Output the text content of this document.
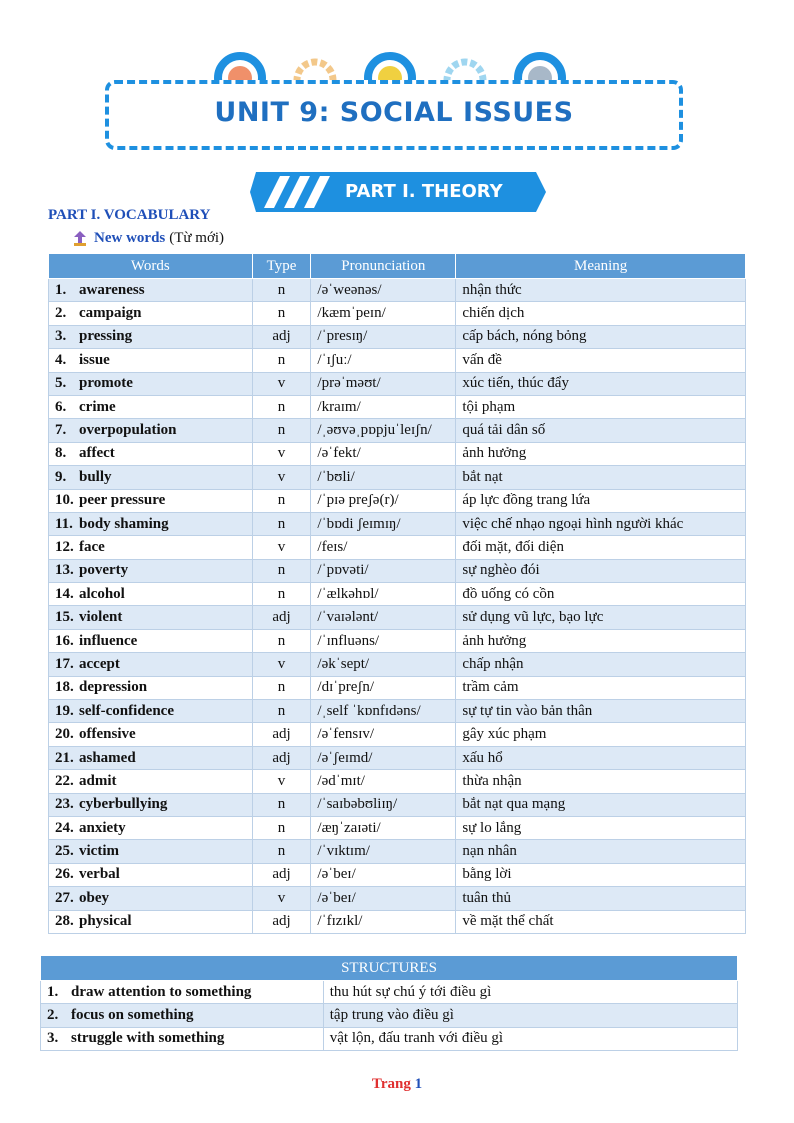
UNIT 9: SOCIAL ISSUES
PART I. THEORY
PART I. VOCABULARY
New words (Từ mới)
Words	Type	Pronunciation	Meaning
1. awareness	n	/əˈweənəs/	nhận thức
2. campaign	n	/kæmˈpeɪn/	chiến dịch
3. pressing	adj	/ˈpresɪŋ/	cấp bách, nóng bỏng
4. issue	n	/ˈɪʃuː/	vấn đề
5. promote	v	/prəˈməʊt/	xúc tiến, thúc đẩy
6. crime	n	/kraɪm/	tội phạm
7. overpopulation	n	/ˌəʊvəˌpɒpjuˈleɪʃn/	quá tải dân số
8. affect	v	/əˈfekt/	ảnh hưởng
9. bully	v	/ˈbʊli/	bắt nạt
10. peer pressure	n	/ˈpɪə preʃə(r)/	áp lực đồng trang lứa
11. body shaming	n	/ˈbɒdi ʃeɪmɪŋ/	việc chế nhạo ngoại hình người khác
12. face	v	/feɪs/	đối mặt, đối diện
13. poverty	n	/ˈpɒvəti/	sự nghèo đói
14. alcohol	n	/ˈælkəhɒl/	đồ uống có cồn
15. violent	adj	/ˈvaɪələnt/	sử dụng vũ lực, bạo lực
16. influence	n	/ˈɪnfluəns/	ảnh hưởng
17. accept	v	/əkˈsept/	chấp nhận
18. depression	n	/dɪˈpreʃn/	trầm cảm
19. self-confidence	n	/ˌself ˈkɒnfɪdəns/	sự tự tin vào bản thân
20. offensive	adj	/əˈfensɪv/	gây xúc phạm
21. ashamed	adj	/əˈʃeɪmd/	xấu hổ
22. admit	v	/ədˈmɪt/	thừa nhận
23. cyberbullying	n	/ˈsaɪbəbʊliɪŋ/	bắt nạt qua mạng
24. anxiety	n	/æŋˈzaɪəti/	sự lo lắng
25. victim	n	/ˈvɪktɪm/	nạn nhân
26. verbal	adj	/əˈbeɪ/	bằng lời
27. obey	v	/əˈbeɪ/	tuân thủ
28. physical	adj	/ˈfɪzɪkl/	về mặt thể chất
STRUCTURES	
1. draw attention to something	thu hút sự chú ý tới điều gì
2. focus on something	tập trung vào điều gì
3. struggle with something	vật lộn, đấu tranh với điều gì
Trang 1
